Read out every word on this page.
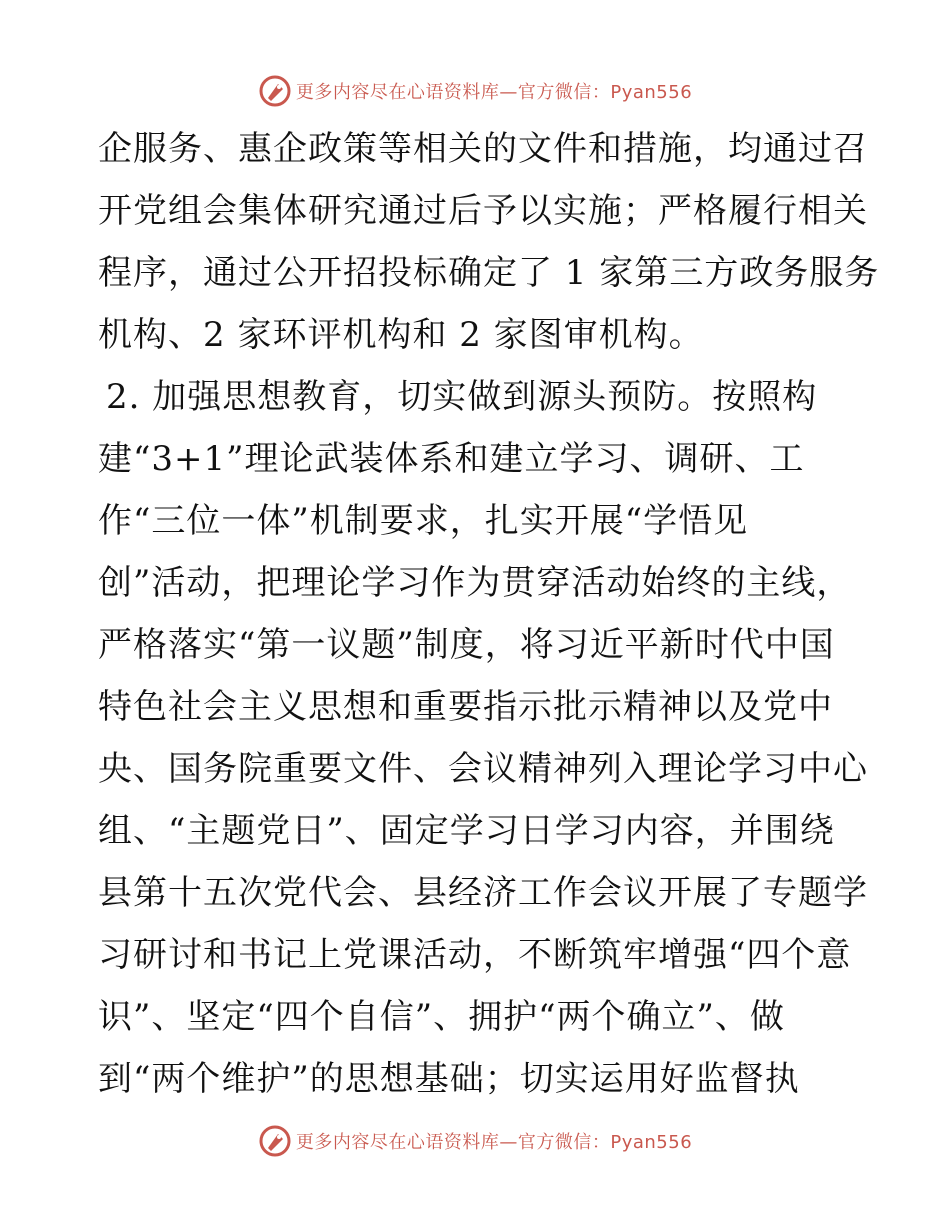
更多内容尽在心语资料库—官方微信：Pyan556
企服务、惠企政策等相关的文件和措施，均通过召
开党组会集体研究通过后予以实施；严格履行相关
程序，通过公开招投标确定了 1 家第三方政务服务
机构、2 家环评机构和 2 家图审机构。
2. 加强思想教育，切实做到源头预防。按照构
建“3+1”理论武装体系和建立学习、调研、工
作“三位一体”机制要求，扎实开展“学悟见
创”活动，把理论学习作为贯穿活动始终的主线，
严格落实“第一议题”制度，将习近平新时代中国
特色社会主义思想和重要指示批示精神以及党中
央、国务院重要文件、会议精神列入理论学习中心
组、“主题党日”、固定学习日学习内容，并围绕
县第十五次党代会、县经济工作会议开展了专题学
习研讨和书记上党课活动，不断筑牢增强“四个意
识”、坚定“四个自信”、拥护“两个确立”、做
到“两个维护”的思想基础；切实运用好监督执
更多内容尽在心语资料库—官方微信：Pyan556
